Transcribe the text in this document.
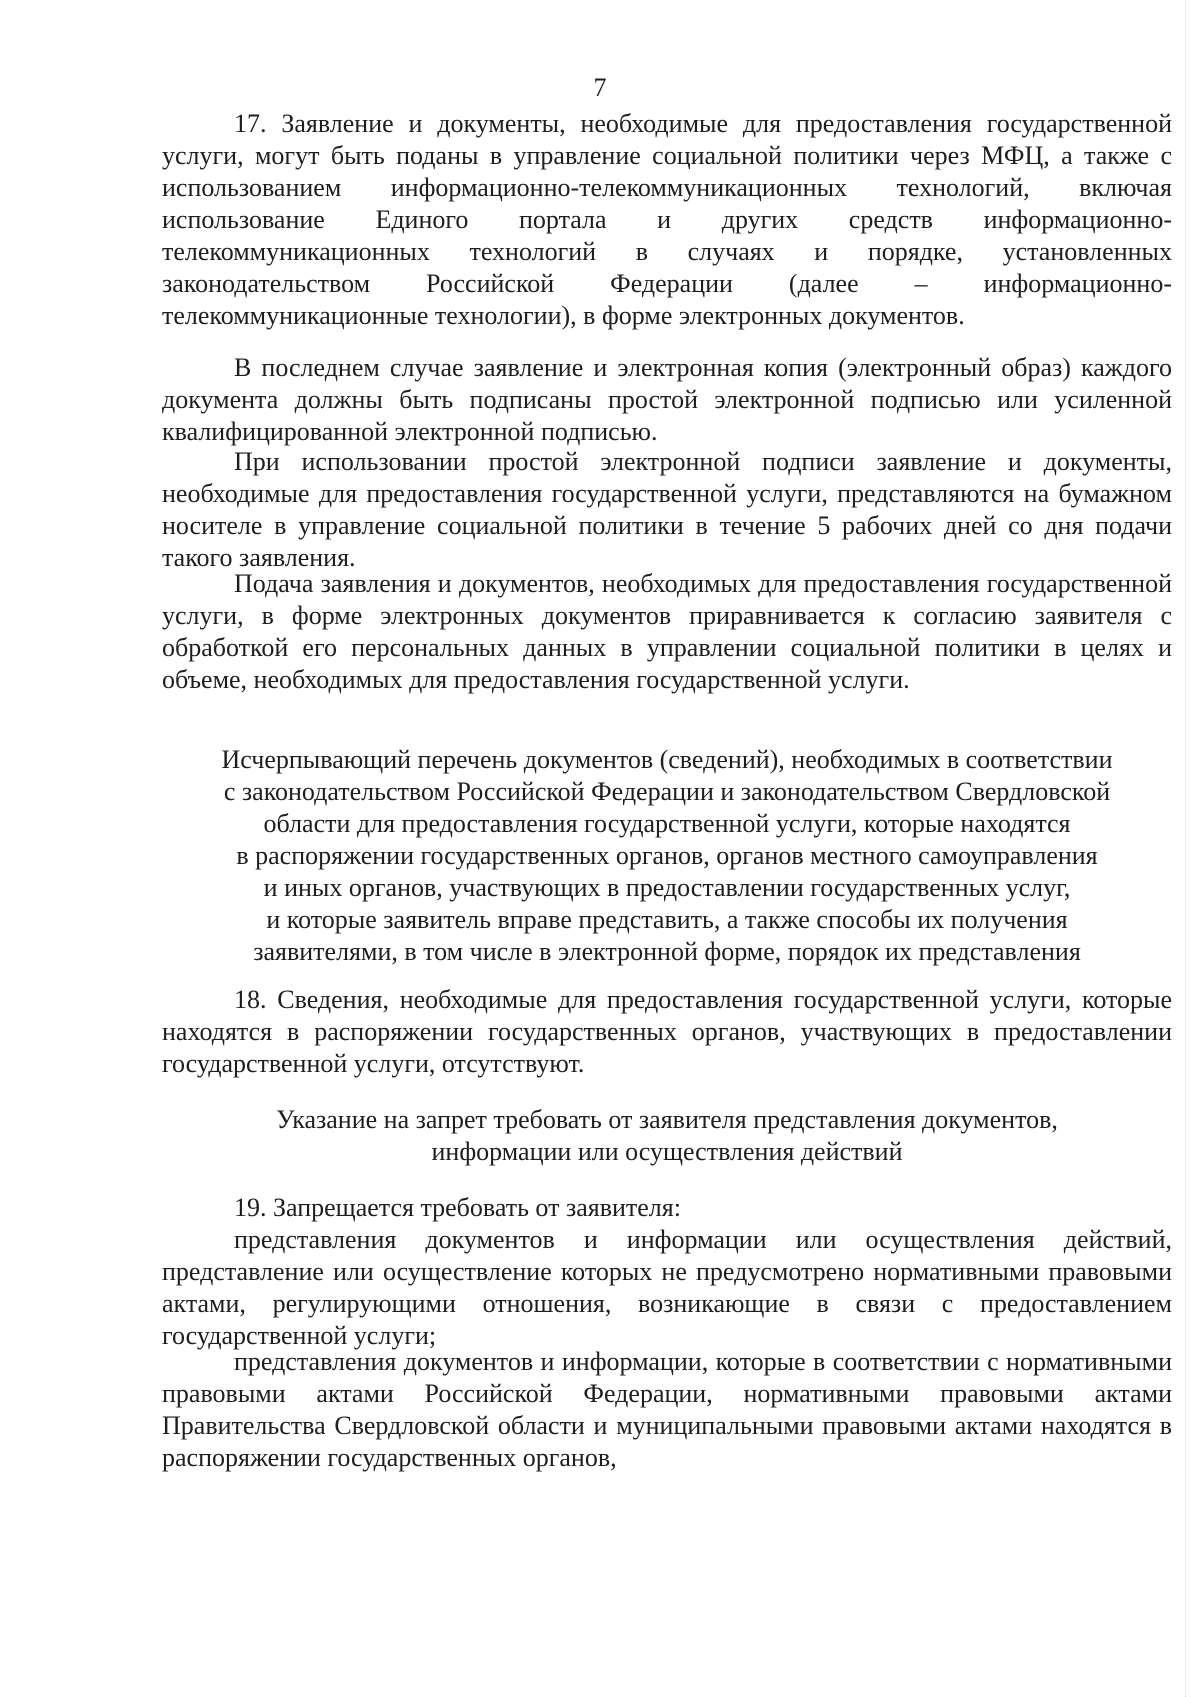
7

17. Заявление и документы, необходимые для предоставления государственной услуги, могут быть поданы в управление социальной политики через МФЦ, а также с использованием информационно-телекоммуникационных технологий, включая использование Единого портала и других средств информационно-телекоммуникационных технологий в случаях и порядке, установленных законодательством Российской Федерации (далее – информационно-телекоммуникационные технологии), в форме электронных документов.

В последнем случае заявление и электронная копия (электронный образ) каждого документа должны быть подписаны простой электронной подписью или усиленной квалифицированной электронной подписью.

При использовании простой электронной подписи заявление и документы, необходимые для предоставления государственной услуги, представляются на бумажном носителе в управление социальной политики в течение 5 рабочих дней со дня подачи такого заявления.

Подача заявления и документов, необходимых для предоставления государственной услуги, в форме электронных документов приравнивается к согласию заявителя с обработкой его персональных данных в управлении социальной политики в целях и объеме, необходимых для предоставления государственной услуги.

Исчерпывающий перечень документов (сведений), необходимых в соответствии
с законодательством Российской Федерации и законодательством Свердловской
области для предоставления государственной услуги, которые находятся
в распоряжении государственных органов, органов местного самоуправления
и иных органов, участвующих в предоставлении государственных услуг,
и которые заявитель вправе представить, а также способы их получения
заявителями, в том числе в электронной форме, порядок их представления

18. Сведения, необходимые для предоставления государственной услуги, которые находятся в распоряжении государственных органов, участвующих в предоставлении государственной услуги, отсутствуют.

Указание на запрет требовать от заявителя представления документов,
информации или осуществления действий

19. Запрещается требовать от заявителя:

представления документов и информации или осуществления действий, представление или осуществление которых не предусмотрено нормативными правовыми актами, регулирующими отношения, возникающие в связи с предоставлением государственной услуги;

представления документов и информации, которые в соответствии с нормативными правовыми актами Российской Федерации, нормативными правовыми актами Правительства Свердловской области и муниципальными правовыми актами находятся в распоряжении государственных органов,
